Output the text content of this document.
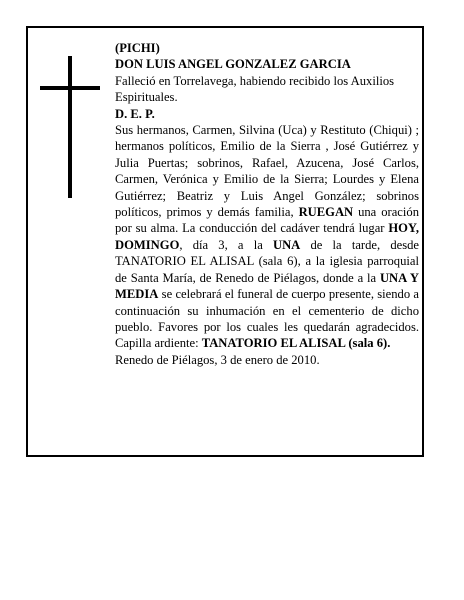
(PICHI)

DON LUIS ANGEL GONZALEZ GARCIA

Falleció en Torrelavega, habiendo recibido los Auxilios Espirituales.

D. E. P.

Sus hermanos, Carmen, Silvina (Uca) y Restituto (Chiqui) ; hermanos políticos, Emilio de la Sierra , José Gutiérrez y Julia Puertas; sobrinos, Rafael, Azucena, José Carlos, Carmen, Verónica y Emilio de la Sierra; Lourdes y Elena Gutiérrez; Beatriz y Luis Angel González; sobrinos políticos, primos y demás familia, RUEGAN una oración por su alma. La conducción del cadáver tendrá lugar HOY, DOMINGO, día 3, a la UNA de la tarde, desde TANATORIO EL ALISAL (sala 6), a la iglesia parroquial de Santa María, de Renedo de Piélagos, donde a la UNA Y MEDIA se celebrará el funeral de cuerpo presente, siendo a continuación su inhumación en el cementerio de dicho pueblo. Favores por los cuales les quedarán agradecidos. Capilla ardiente: TANATORIO EL ALISAL (sala 6).

Renedo de Piélagos, 3 de enero de 2010.
